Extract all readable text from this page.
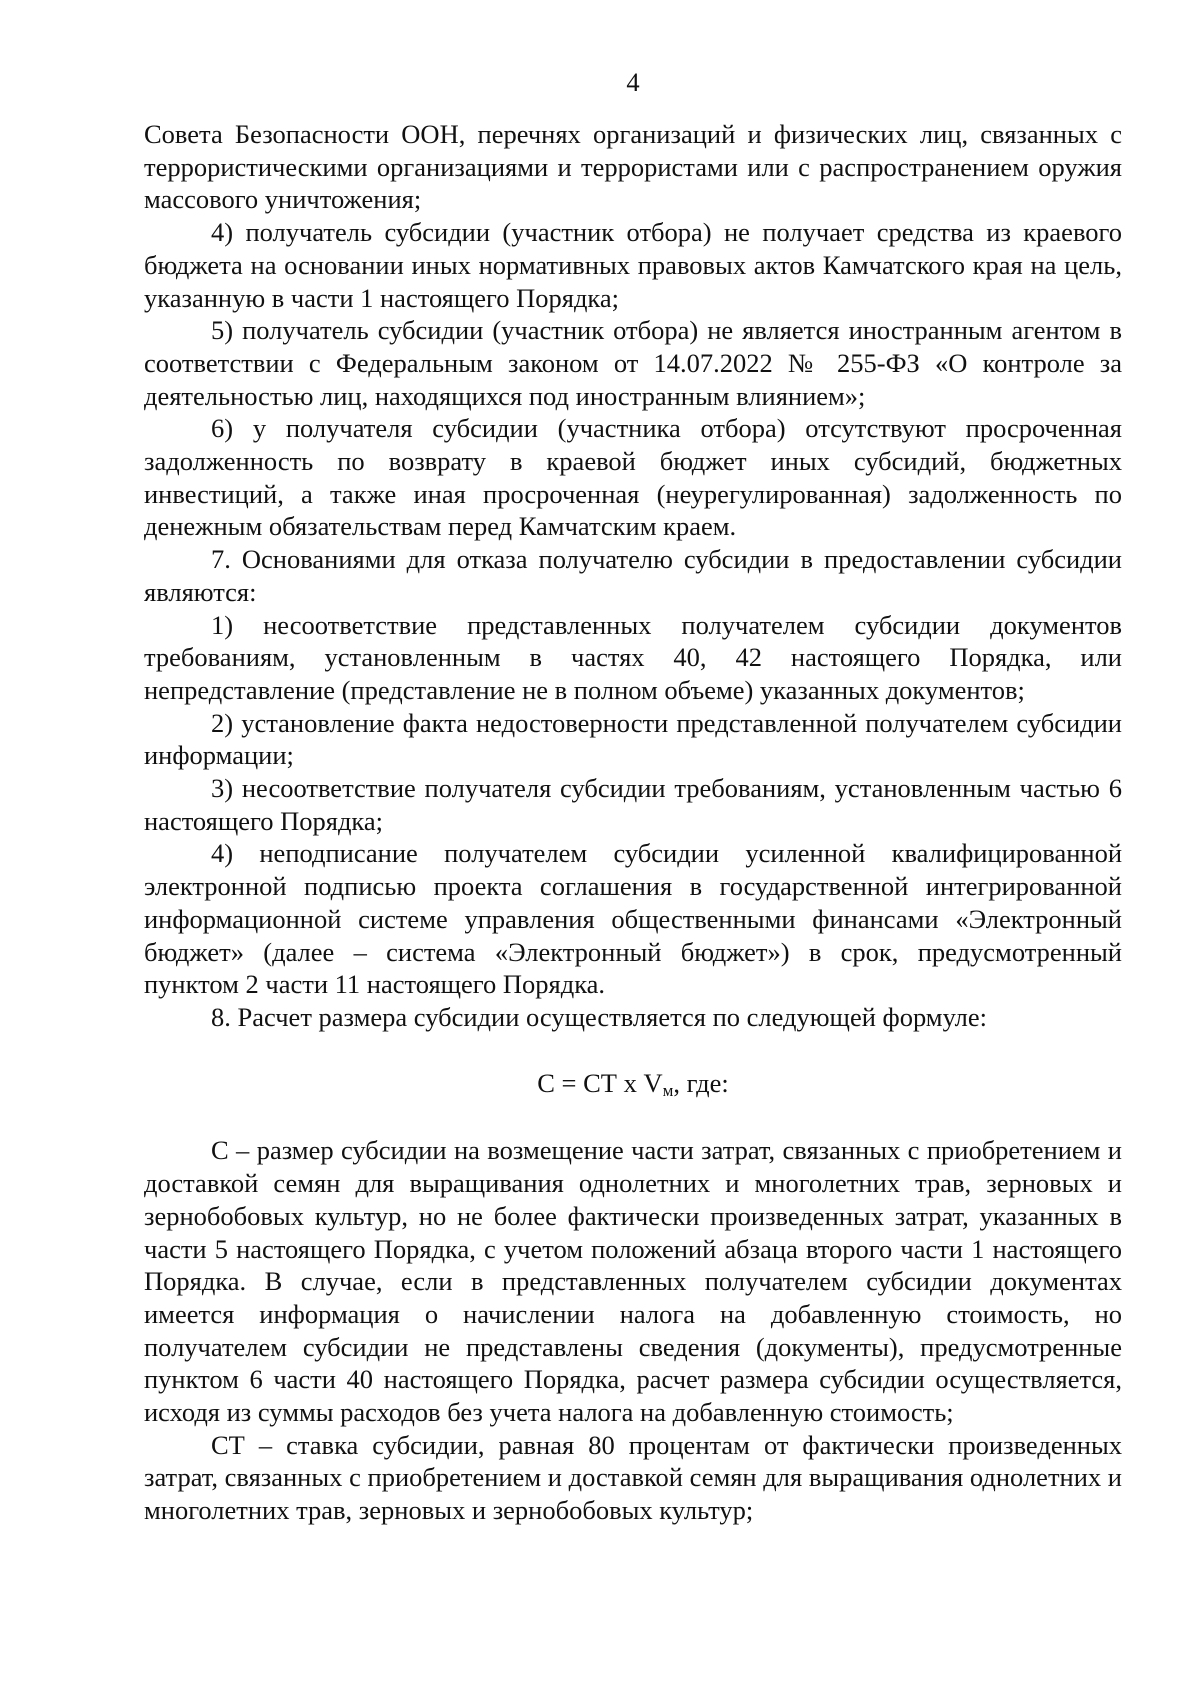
4

Совета Безопасности ООН, перечнях организаций и физических лиц, связанных с террористическими организациями и террористами или с распространением оружия массового уничтожения;

4) получатель субсидии (участник отбора) не получает средства из краевого бюджета на основании иных нормативных правовых актов Камчатского края на цель, указанную в части 1 настоящего Порядка;

5) получатель субсидии (участник отбора) не является иностранным агентом в соответствии с Федеральным законом от 14.07.2022 № 255-ФЗ «О контроле за деятельностью лиц, находящихся под иностранным влиянием»;

6) у получателя субсидии (участника отбора) отсутствуют просроченная задолженность по возврату в краевой бюджет иных субсидий, бюджетных инвестиций, а также иная просроченная (неурегулированная) задолженность по денежным обязательствам перед Камчатским краем.

7. Основаниями для отказа получателю субсидии в предоставлении субсидии являются:

1) несоответствие представленных получателем субсидии документов требованиям, установленным в частях 40, 42 настоящего Порядка, или непредставление (представление не в полном объеме) указанных документов;

2) установление факта недостоверности представленной получателем субсидии информации;

3) несоответствие получателя субсидии требованиям, установленным частью 6 настоящего Порядка;

4) неподписание получателем субсидии усиленной квалифицированной электронной подписью проекта соглашения в государственной интегрированной информационной системе управления общественными финансами «Электронный бюджет» (далее – система «Электронный бюджет») в срок, предусмотренный пунктом 2 части 11 настоящего Порядка.

8. Расчет размера субсидии осуществляется по следующей формуле:

С = СТ х $V_м$, где:

С – размер субсидии на возмещение части затрат, связанных с приобретением и доставкой семян для выращивания однолетних и многолетних трав, зерновых и зернобобовых культур, но не более фактически произведенных затрат, указанных в части 5 настоящего Порядка, с учетом положений абзаца второго части 1 настоящего Порядка. В случае, если в представленных получателем субсидии документах имеется информация о начислении налога на добавленную стоимость, но получателем субсидии не представлены сведения (документы), предусмотренные пунктом 6 части 40 настоящего Порядка, расчет размера субсидии осуществляется, исходя из суммы расходов без учета налога на добавленную стоимость;

СТ – ставка субсидии, равная 80 процентам от фактически произведенных затрат, связанных с приобретением и доставкой семян для выращивания однолетних и многолетних трав, зерновых и зернобобовых культур;
